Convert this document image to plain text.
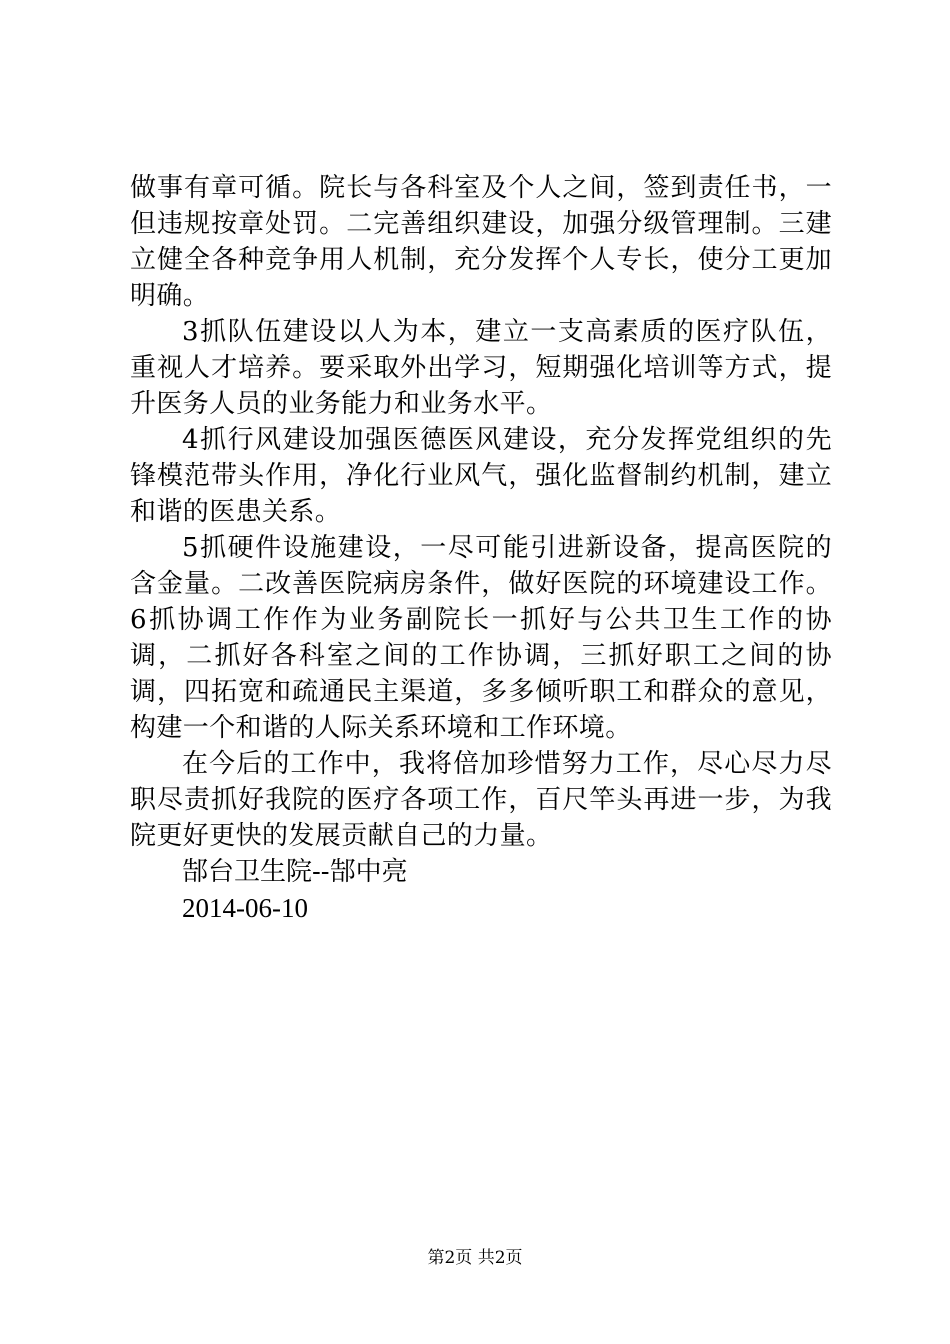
做事有章可循。院长与各科室及个人之间，签到责任书，一但违规按章处罚。二完善组织建设，加强分级管理制。三建立健全各种竞争用人机制，充分发挥个人专长，使分工更加明确。

3抓队伍建设以人为本，建立一支高素质的医疗队伍，重视人才培养。要采取外出学习，短期强化培训等方式，提升医务人员的业务能力和业务水平。

4抓行风建设加强医德医风建设，充分发挥党组织的先锋模范带头作用，净化行业风气，强化监督制约机制，建立和谐的医患关系。

5抓硬件设施建设，一尽可能引进新设备，提高医院的含金量。二改善医院病房条件，做好医院的环境建设工作。6抓协调工作作为业务副院长一抓好与公共卫生工作的协调，二抓好各科室之间的工作协调，三抓好职工之间的协调，四拓宽和疏通民主渠道，多多倾听职工和群众的意见，构建一个和谐的人际关系环境和工作环境。

在今后的工作中，我将倍加珍惜努力工作，尽心尽力尽职尽责抓好我院的医疗各项工作，百尺竿头再进一步，为我院更好更快的发展贡献自己的力量。

郜台卫生院--郜中亮

2014-06-10

第2页 共2页
